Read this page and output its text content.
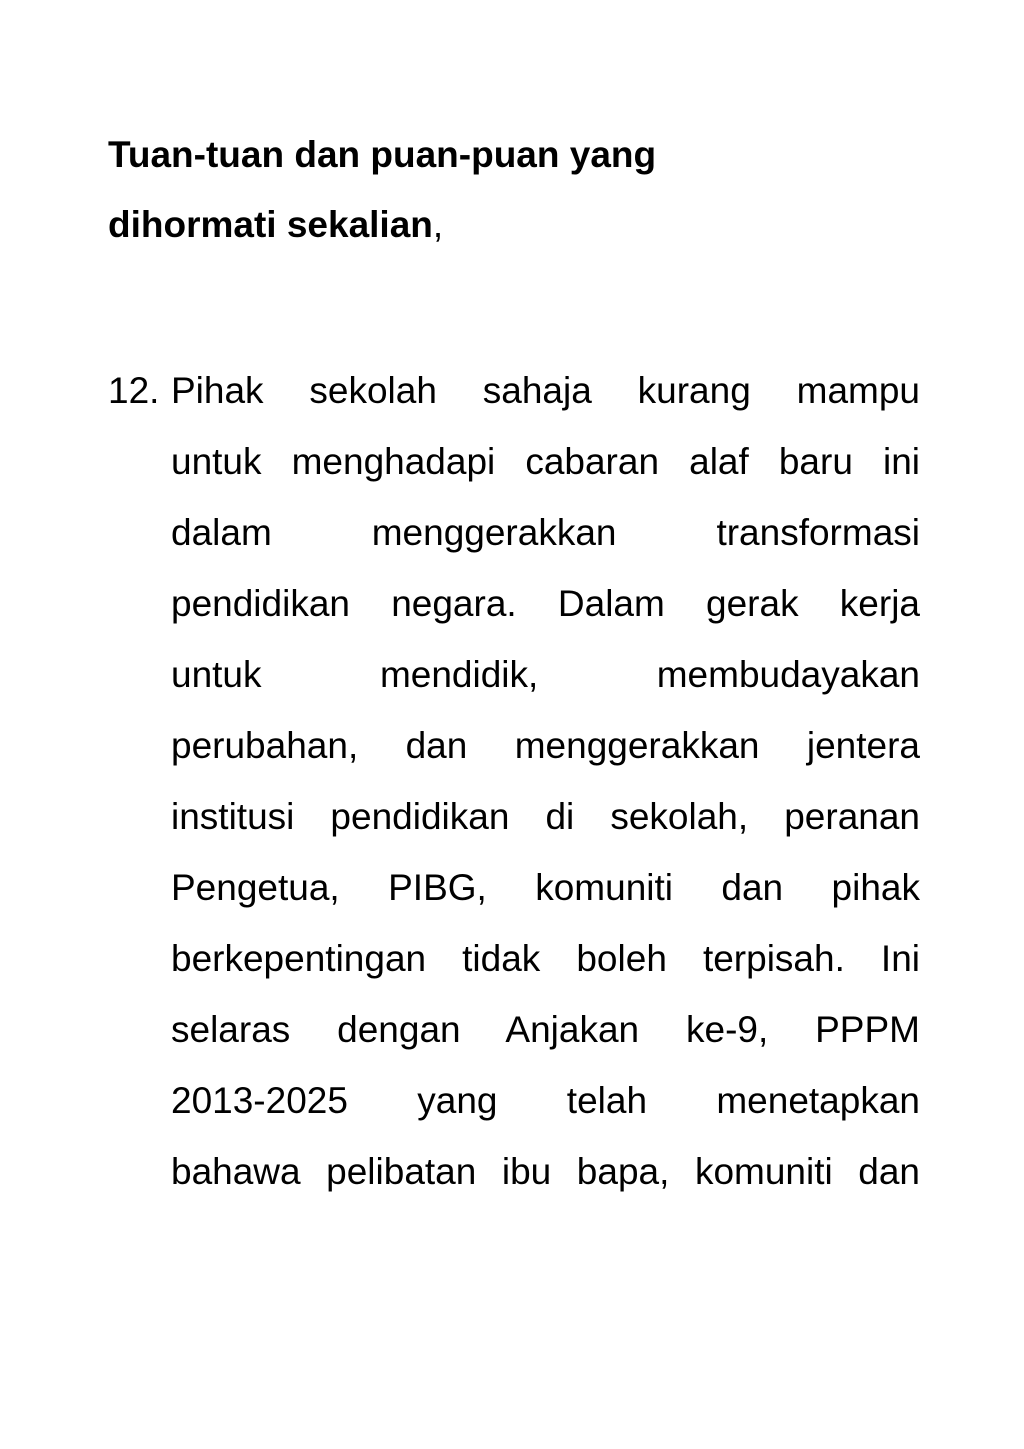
Tuan-tuan dan puan-puan yang
dihormati sekalian,
12. Pihak sekolah sahaja kurang mampu
untuk menghadapi cabaran alaf baru ini
dalam menggerakkan transformasi
pendidikan negara. Dalam gerak kerja
untuk mendidik, membudayakan
perubahan, dan menggerakkan jentera
institusi pendidikan di sekolah, peranan
Pengetua, PIBG, komuniti dan pihak
berkepentingan tidak boleh terpisah. Ini
selaras dengan Anjakan ke-9, PPPM
2013-2025 yang telah menetapkan
bahawa pelibatan ibu bapa, komuniti dan
